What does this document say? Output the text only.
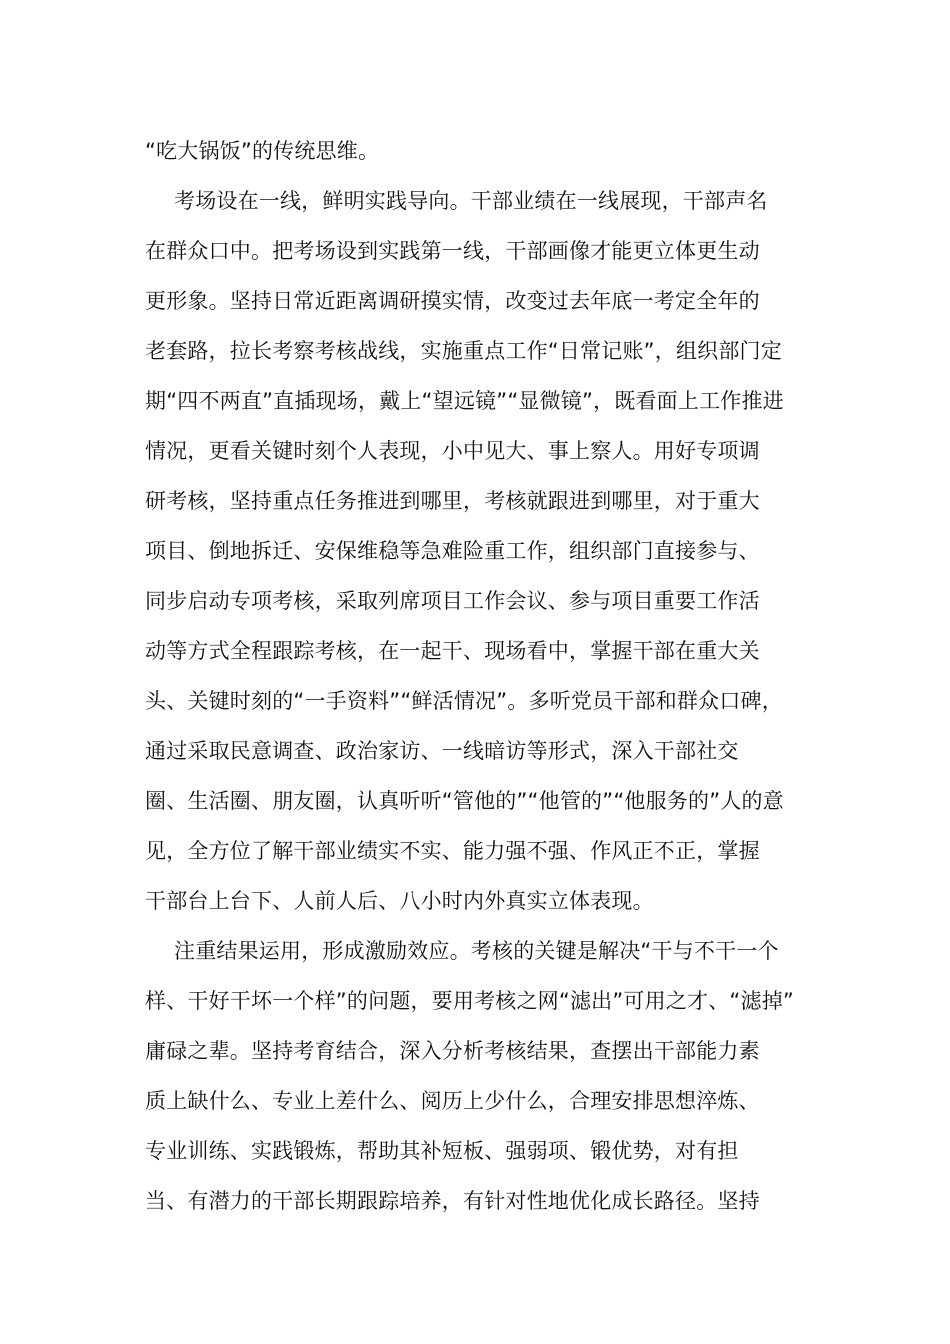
“吃大锅饭”的传统思维。
考场设在一线，鲜明实践导向。干部业绩在一线展现，干部声名
在群众口中。把考场设到实践第一线，干部画像才能更立体更生动
更形象。坚持日常近距离调研摸实情，改变过去年底一考定全年的
老套路，拉长考察考核战线，实施重点工作“日常记账”，组织部门定
期“四不两直”直插现场，戴上“望远镜”“显微镜”，既看面上工作推进
情况，更看关键时刻个人表现，小中见大、事上察人。用好专项调
研考核，坚持重点任务推进到哪里，考核就跟进到哪里，对于重大
项目、倒地拆迁、安保维稳等急难险重工作，组织部门直接参与、
同步启动专项考核，采取列席项目工作会议、参与项目重要工作活
动等方式全程跟踪考核，在一起干、现场看中，掌握干部在重大关
头、关键时刻的“一手资料”“鲜活情况”。多听党员干部和群众口碑，
通过采取民意调查、政治家访、一线暗访等形式，深入干部社交
圈、生活圈、朋友圈，认真听听“管他的”“他管的”“他服务的”人的意
见，全方位了解干部业绩实不实、能力强不强、作风正不正，掌握
干部台上台下、人前人后、八小时内外真实立体表现。
注重结果运用，形成激励效应。考核的关键是解决“干与不干一个
样、干好干坏一个样”的问题，要用考核之网“滤出”可用之才、“滤掉”
庸碌之辈。坚持考育结合，深入分析考核结果，查摆出干部能力素
质上缺什么、专业上差什么、阅历上少什么，合理安排思想淬炼、
专业训练、实践锻炼，帮助其补短板、强弱项、锻优势，对有担
当、有潜力的干部长期跟踪培养，有针对性地优化成长路径。坚持
